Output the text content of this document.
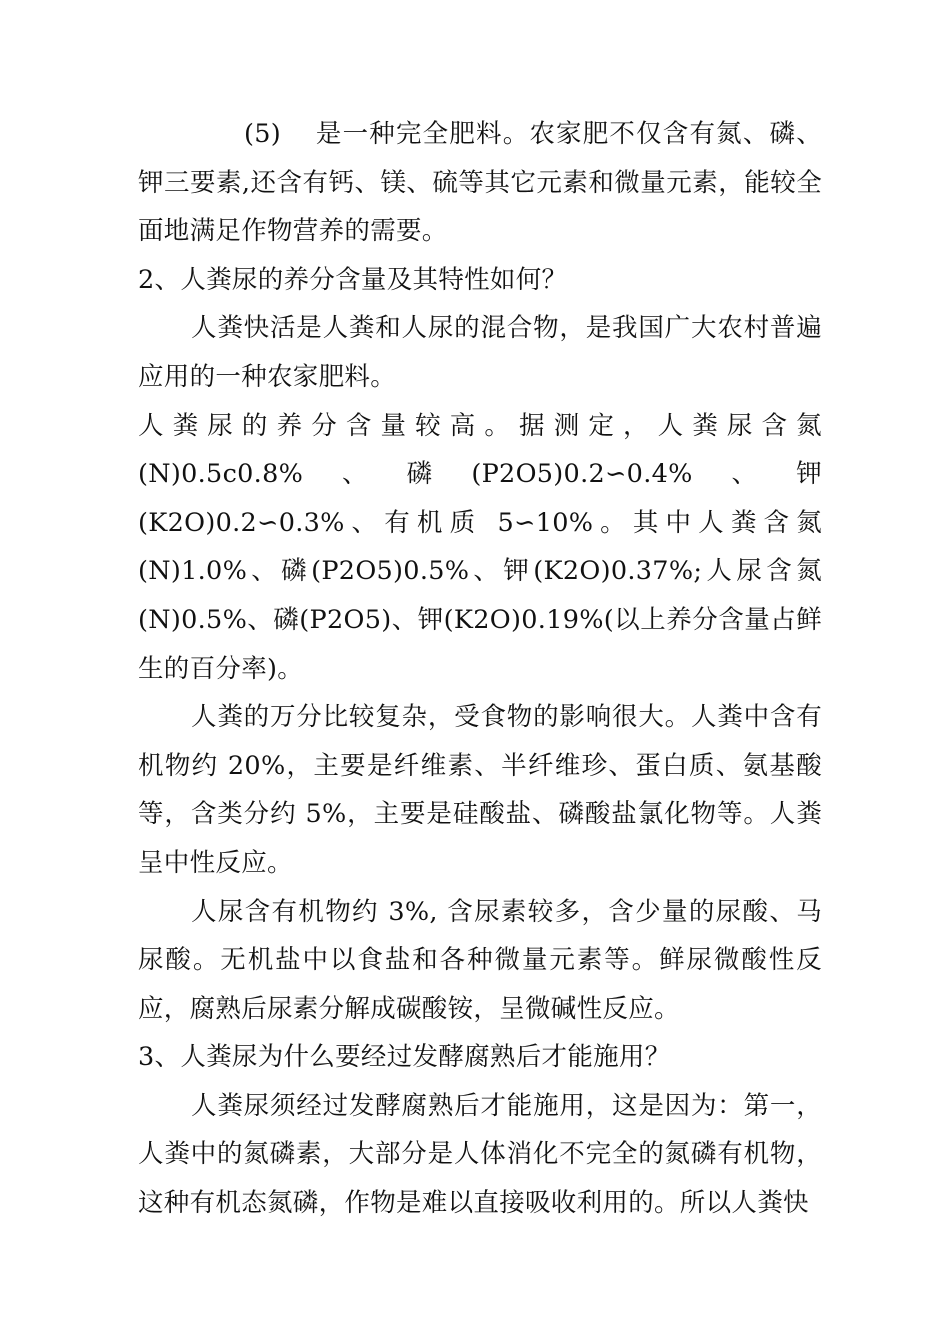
(5) 是一种完全肥料。农家肥不仅含有氮、磷、钾三要素,还含有钙、镁、硫等其它元素和微量元素，能较全面地满足作物营养的需要。

2、人粪尿的养分含量及其特性如何？

人粪快活是人粪和人尿的混合物，是我国广大农村普遍应用的一种农家肥料。

人粪尿的养分含量较高。据测定，人粪尿含氮(N)0.5c0.8%、磷(P2O5)0.2∽0.4%、钾(K2O)0.2∽0.3%、有机质 5∽10%。其中人粪含氮(N)1.0%、磷(P2O5)0.5%、钾(K2O)0.37%;人尿含氮(N)0.5%、磷(P2O5)、钾(K2O)0.19%(以上养分含量占鲜生的百分率)。

人粪的万分比较复杂，受食物的影响很大。人粪中含有机物约 20%，主要是纤维素、半纤维珍、蛋白质、氨基酸等，含类分约 5%，主要是硅酸盐、磷酸盐氯化物等。人粪呈中性反应。

人尿含有机物约 3%, 含尿素较多，含少量的尿酸、马尿酸。无机盐中以食盐和各种微量元素等。鲜尿微酸性反应，腐熟后尿素分解成碳酸铵，呈微碱性反应。

3、人粪尿为什么要经过发酵腐熟后才能施用？

人粪尿须经过发酵腐熟后才能施用，这是因为：第一，人粪中的氮磷素，大部分是人体消化不完全的氮磷有机物，这种有机态氮磷，作物是难以直接吸收利用的。所以人粪快
